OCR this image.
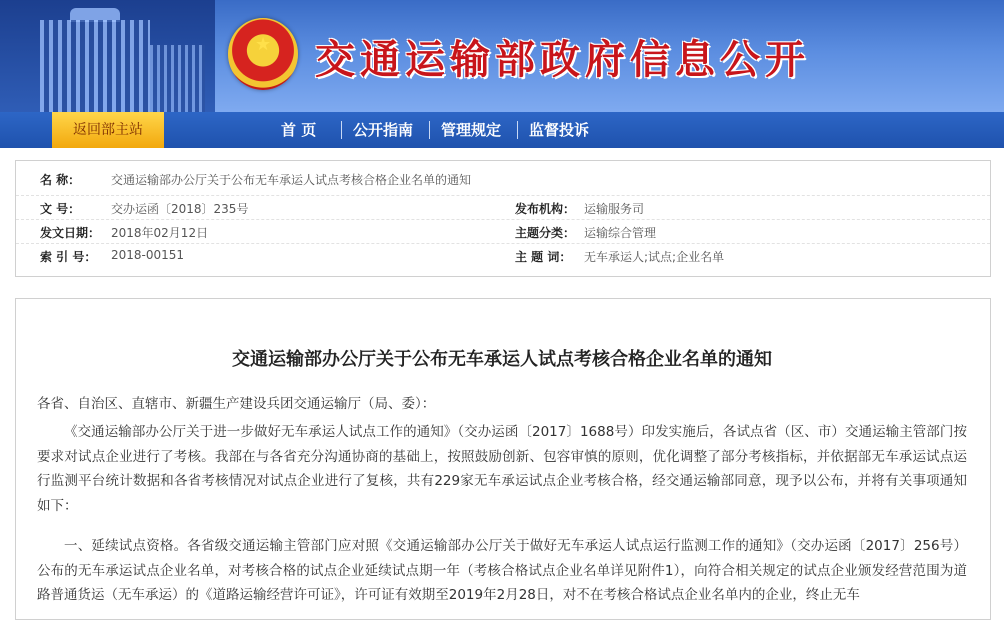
★ 交通运输部政府信息公开
返回部主站	首 页 公开指南 管理规定 监督投诉
名 称：	交通运输部办公厅关于公布无车承运人试点考核合格企业名单的通知
文 号：	交办运函〔2018〕235号	发布机构： 运输服务司
发文日期： 2018年02月12日	主题分类： 运输综合管理
索 引 号： 2018-00151	主 题 词： 无车承运人;试点;企业名单
交通运输部办公厅关于公布无车承运人试点考核合格企业名单的通知
各省、自治区、直辖市、新疆生产建设兵团交通运输厅（局、委）：
《交通运输部办公厅关于进一步做好无车承运人试点工作的通知》（交办运函〔2017〕1688号）印发实施后，各试点省（区、市）交通运输主管部门按要求对试点企业进行了考核。我部在与各省充分沟通协商的基础上，按照鼓励创新、包容审慎的原则，优化调整了部分考核指标，并依据部无车承运试点运行监测平台统计数据和各省考核情况对试点企业进行了复核，共有229家无车承运试点企业考核合格，经交通运输部同意，现予以公布，并将有关事项通知如下：
一、延续试点资格。各省级交通运输主管部门应对照《交通运输部办公厅关于做好无车承运人试点运行监测工作的通知》（交办运函〔2017〕256号）公布的无车承运试点企业名单，对考核合格的试点企业延续试点期一年（考核合格试点企业名单详见附件1），向符合相关规定的试点企业颁发经营范围为道路普通货运（无车承运）的《道路运输经营许可证》，许可证有效期至2019年2月28日，对不在考核合格试点企业名单内的企业，终止无车
